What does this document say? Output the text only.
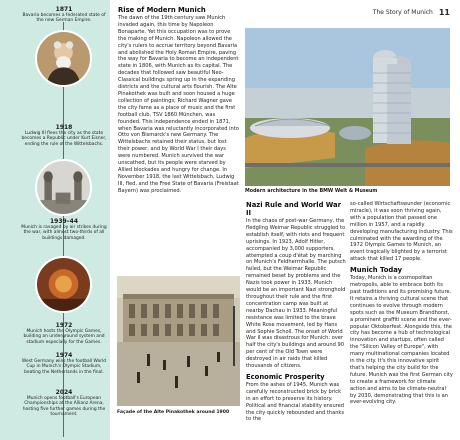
The Story of Munich 11
1871
Bavaria becomes a federated state of the new German Empire.
1918
Ludwig III flees the city as the state becomes a Republic under Kurt Eisner, ending the rule of the Wittelsbachs.
1939–44
Munich is ravaged by air strikes during the war, with almost two-thirds of all buildings damaged.
1972
Munich hosts the Olympic Games, building an underground system and stadium especially for the Games.
1974
West Germany wins the football World Cup in Munich's Olympic Stadium, beating the Netherlands in the final.
2024
Munich opens football's European Championships at the Allianz Arena, hosting five further games during the tournament.
Rise of Modern Munich

The dawn of the 19th century saw Munich invaded again, this time by Napoleon Bonaparte. Yet this occupation was to prove the making of Munich. Napoleon allowed the city's rulers to accrue territory beyond Bavaria and abolished the Holy Roman Empire, paving the way for Bavaria to become an independent state in 1806, with Munich as its capital. The decades that followed saw beautiful Neo-Classical buildings spring up in the expanding districts and the cultural arts flourish. The Alte Pinakothek was built and soon housed a huge collection of paintings; Richard Wagner gave the city fame as a place of music and the first football club, TSV 1860 München, was founded. This independence ended in 1871, when Bavaria was reluctantly incorporated into Otto von Bismarck's new Germany. The Wittelsbachs retained their status, but lost their power, and by World War I their days were numbered. Munich survived the war unscathed, but its people were starved by Allied blockades and hungry for change. In November 1918, the last Wittelsbach, Ludwig III, fled, and the Free State of Bavaria (Freistaat Bayern) was proclaimed.

Façade of the Alte Pinakothek around 1900
Modern architecture in the BMW Welt & Museum
Nazi Rule and World War II

In the chaos of post-war Germany, the fledgling Weimar Republic struggled to establish itself, with riots and frequent uprisings. In 1923, Adolf Hitler, accompanied by 3,000 supporters, attempted a coup d'état by marching on Munich's Feldherrnhalle. The putsch failed, but the Weimar Republic remained beset by problems and the Nazis took power in 1933. Munich would be an important Nazi stronghold throughout their rule and the first concentration camp was built at nearby Dachau in 1933. Meaningful resistance was limited to the brave White Rose movement, led by Hans and Sophie Scholl. The onset of World War II was disastrous for Munich: over half the city's buildings and around 90 per cent of the Old Town were destroyed in air raids that killed thousands of citizens.

Economic Prosperity

From the ashes of 1945, Munich was carefully reconstructed brick by brick in an effort to preserve its history. Political and financial stability ensured the city quickly rebounded and thanks to the

so-called Wirtschaftswunder (economic miracle), it was soon thriving again, with a population that passed one million in 1957, and a rapidly developing manufacturing industry. This culminated with the awarding of the 1972 Olympic Games to Munich, an event tragically blighted by a terrorist attack that killed 17 people.

Munich Today

Today, Munich is a cosmopolitan metropolis, able to embrace both its past traditions and its promising future. It retains a thriving cultural scene that continues to evolve through modern spots such as the Museum Brandhorst, a prominent graffiti scene and the ever-popular Oktoberfest. Alongside this, the city has become a hub of technological innovation and startups, often called the "Silicon Valley of Europe", with many multinational companies located in the city. It's this innovative spirit that's helping the city build for the future. Munich was the first German city to create a framework for climate action and aims to be climate-neutral by 2030, demonstrating that this is an ever-evolving city.
